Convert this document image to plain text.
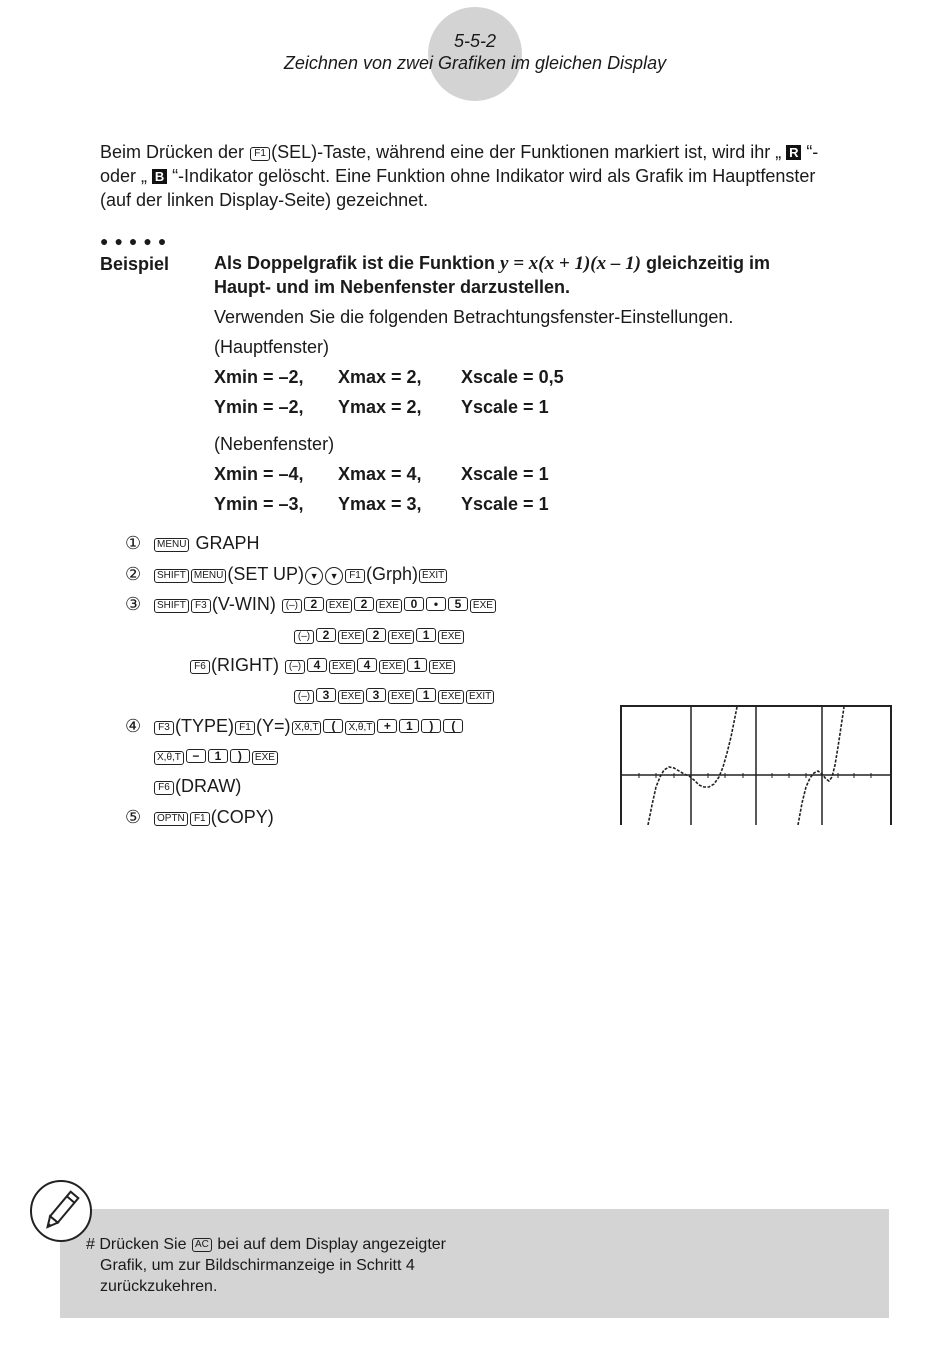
5-5-2
Zeichnen von zwei Grafiken im gleichen Display
Beim Drücken der F1 (SEL)-Taste, während eine der Funktionen markiert ist, wird ihr „ R “-
oder „ B “-Indikator gelöscht. Eine Funktion ohne Indikator wird als Grafik im Hauptfenster
(auf der linken Display-Seite) gezeichnet.
●●●●●
Beispiel Als Doppelgrafik ist die Funktion y = x(x + 1)(x – 1) gleichzeitig im
Haupt- und im Nebenfenster darzustellen.
Verwenden Sie die folgenden Betrachtungsfenster-Einstellungen.
(Hauptfenster)
Xmin = –2, Xmax = 2, Xscale = 0,5
Ymin = –2, Ymax = 2, Yscale = 1
(Nebenfenster)
Xmin = –4, Xmax = 4, Xscale = 1
Ymin = –3, Ymax = 3, Yscale = 1
① MENU GRAPH
② SHIFT MENU (SET UP) ▼ ▼ F1 (Grph) EXIT
③ SHIFT F3 (V-WIN) (–) 2 EXE 2 EXE 0 • 5 EXE
(–) 2 EXE 2 EXE 1 EXE
F6 (RIGHT) (–) 4 EXE 4 EXE 1 EXE
(–) 3 EXE 3 EXE 1 EXE EXIT
④ F3 (TYPE) F1 (Y=) X,θ,T ( X,θ,T + 1 ) (
X,θ,T − 1 ) EXE
F6 (DRAW)
⑤ OPTN F1 (COPY)
# Drücken Sie AC bei auf dem Display angezeigter
Grafik, um zur Bildschirmanzeige in Schritt 4
zurückzukehren.
